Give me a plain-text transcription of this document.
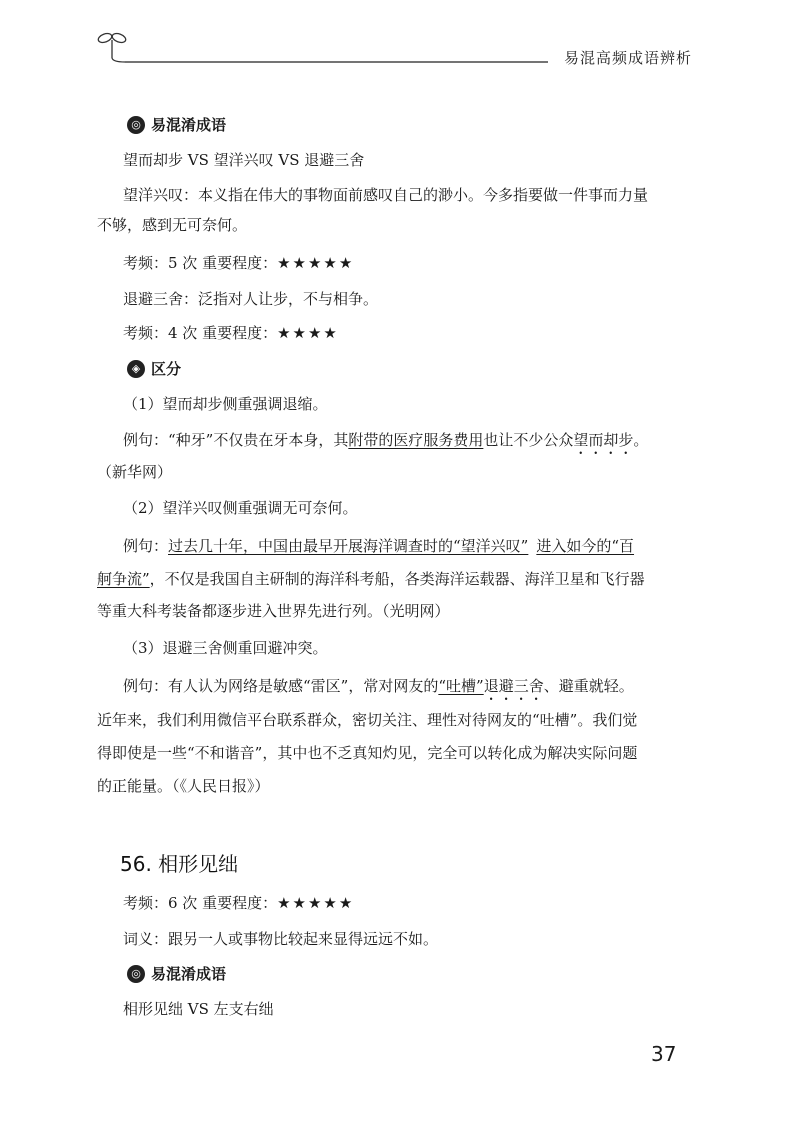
易混高频成语辨析
◎ 易混淆成语
望而却步 VS 望洋兴叹 VS 退避三舍
望洋兴叹：本义指在伟大的事物面前感叹自己的渺小。今多指要做一件事而力量
不够，感到无可奈何。
考频：5 次 重要程度：★★★★★
退避三舍：泛指对人让步，不与相争。
考频：4 次 重要程度：★★★★
◈ 区分
（1）望而却步侧重强调退缩。
例句：“种牙”不仅贵在牙本身，其附带的医疗服务费用也让不少公众望而却步。
（新华网）
（2）望洋兴叹侧重强调无可奈何。
例句：过去几十年，中国由最早开展海洋调查时的“望洋兴叹” 进入如今的“百
舸争流”，不仅是我国自主研制的海洋科考船，各类海洋运载器、海洋卫星和飞行器
等重大科考装备都逐步进入世界先进行列。（光明网）
（3）退避三舍侧重回避冲突。
例句：有人认为网络是敏感“雷区”，常对网友的“吐槽”退避三舍、避重就轻。
近年来，我们利用微信平台联系群众，密切关注、理性对待网友的“吐槽”。我们觉
得即使是一些“不和谐音”，其中也不乏真知灼见，完全可以转化成为解决实际问题
的正能量。（《人民日报》）
56. 相形见绌
考频：6 次 重要程度：★★★★★
词义：跟另一人或事物比较起来显得远远不如。
◎ 易混淆成语
相形见绌 VS 左支右绌
37
